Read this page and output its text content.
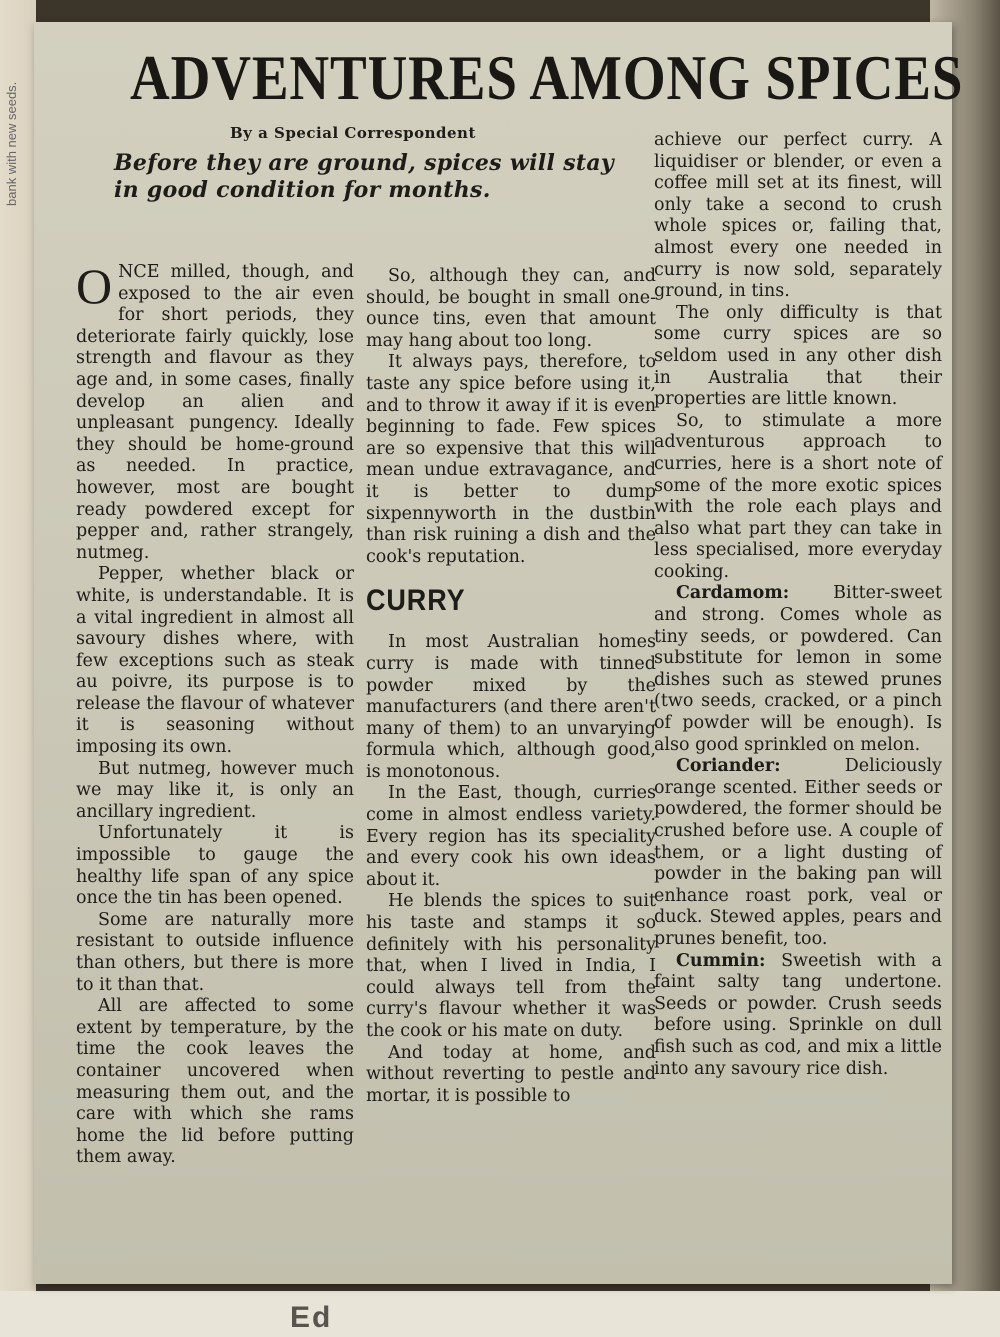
bank with new seeds.
Ed
ADVENTURES AMONG SPICES
By a Special Correspondent
Before they are ground, spices will stay in good condition for months.

ONCE milled, though, and exposed to the air even for short periods, they deteriorate fairly quickly, lose strength and flavour as they age and, in some cases, finally develop an alien and unpleasant pungency. Ideally they should be home-ground as needed. In practice, however, most are bought ready powdered except for pepper and, rather strangely, nutmeg.

Pepper, whether black or white, is understandable. It is a vital ingredient in almost all savoury dishes where, with few exceptions such as steak au poivre, its purpose is to release the flavour of whatever it is seasoning without imposing its own.

But nutmeg, however much we may like it, is only an ancillary ingredient.

Unfortunately it is impossible to gauge the healthy life span of any spice once the tin has been opened.

Some are naturally more resistant to outside influence than others, but there is more to it than that.

All are affected to some extent by temperature, by the time the cook leaves the container uncovered when measuring them out, and the care with which she rams home the lid before putting them away.

So, although they can, and should, be bought in small one-ounce tins, even that amount may hang about too long.

It always pays, therefore, to taste any spice before using it, and to throw it away if it is even beginning to fade. Few spices are so expensive that this will mean undue extravagance, and it is better to dump sixpennyworth in the dustbin than risk ruining a dish and the cook's reputation.

CURRY

In most Australian homes curry is made with tinned powder mixed by the manufacturers (and there aren't many of them) to an unvarying formula which, although good, is monotonous.

In the East, though, curries come in almost endless variety. Every region has its speciality and every cook his own ideas about it.

He blends the spices to suit his taste and stamps it so definitely with his personality that, when I lived in India, I could always tell from the curry's flavour whether it was the cook or his mate on duty.

And today at home, and without reverting to pestle and mortar, it is possible to

achieve our perfect curry. A liquidiser or blender, or even a coffee mill set at its finest, will only take a second to crush whole spices or, failing that, almost every one needed in curry is now sold, separately ground, in tins.

The only difficulty is that some curry spices are so seldom used in any other dish in Australia that their properties are little known.

So, to stimulate a more adventurous approach to curries, here is a short note of some of the more exotic spices with the role each plays and also what part they can take in less specialised, more everyday cooking.

Cardamom:	Bitter-sweet and strong. Comes whole as tiny seeds, or powdered. Can substitute for lemon in some dishes such as stewed prunes (two seeds, cracked, or a pinch of powder will be enough). Is also good sprinkled on melon.

Coriander:	Deliciously orange scented. Either seeds or powdered, the former should be crushed before use. A couple of them, or a light dusting of powder in the baking pan will enhance roast pork, veal or duck. Stewed apples, pears and prunes benefit, too.

Cummin: Sweetish with a faint salty tang undertone. Seeds or powder. Crush seeds before using. Sprinkle on dull fish such as cod, and mix a little into any savoury rice dish.
